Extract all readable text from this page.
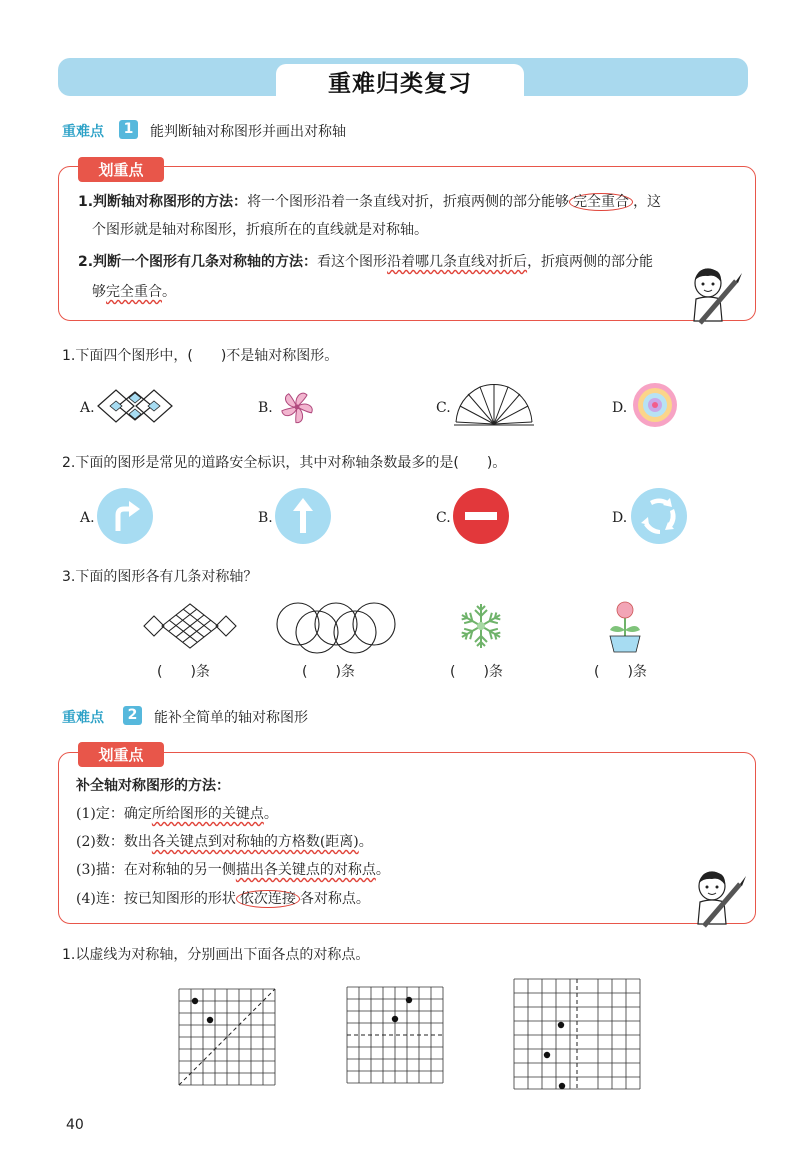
重难归类复习
重难点	1	能判断轴对称图形并画出对称轴
划重点
1.判断轴对称图形的方法：将一个图形沿着一条直线对折，折痕两侧的部分能够 完全重合 ，这
个图形就是轴对称图形，折痕所在的直线就是对称轴。
2.判断一个图形有几条对称轴的方法：看这个图形沿着哪几条直线对折后，折痕两侧的部分能
够完全重合。
1.下面四个图形中，(　　)不是轴对称图形。
A.	B.	C.	D.
2.下面的图形是常见的道路安全标识，其中对称轴条数最多的是(　　)。
A.	B.	C.	D.
3.下面的图形各有几条对称轴？
(　　)条	(　　)条	(　　)条	(　　)条
重难点	2	能补全简单的轴对称图形
划重点
补全轴对称图形的方法：
(1)定：确定所给图形的关键点。
(2)数：数出各关键点到对称轴的方格数(距离)。
(3)描：在对称轴的另一侧描出各关键点的对称点。
(4)连：按已知图形的形状 依次连接 各对称点。
1.以虚线为对称轴，分别画出下面各点的对称点。
40
